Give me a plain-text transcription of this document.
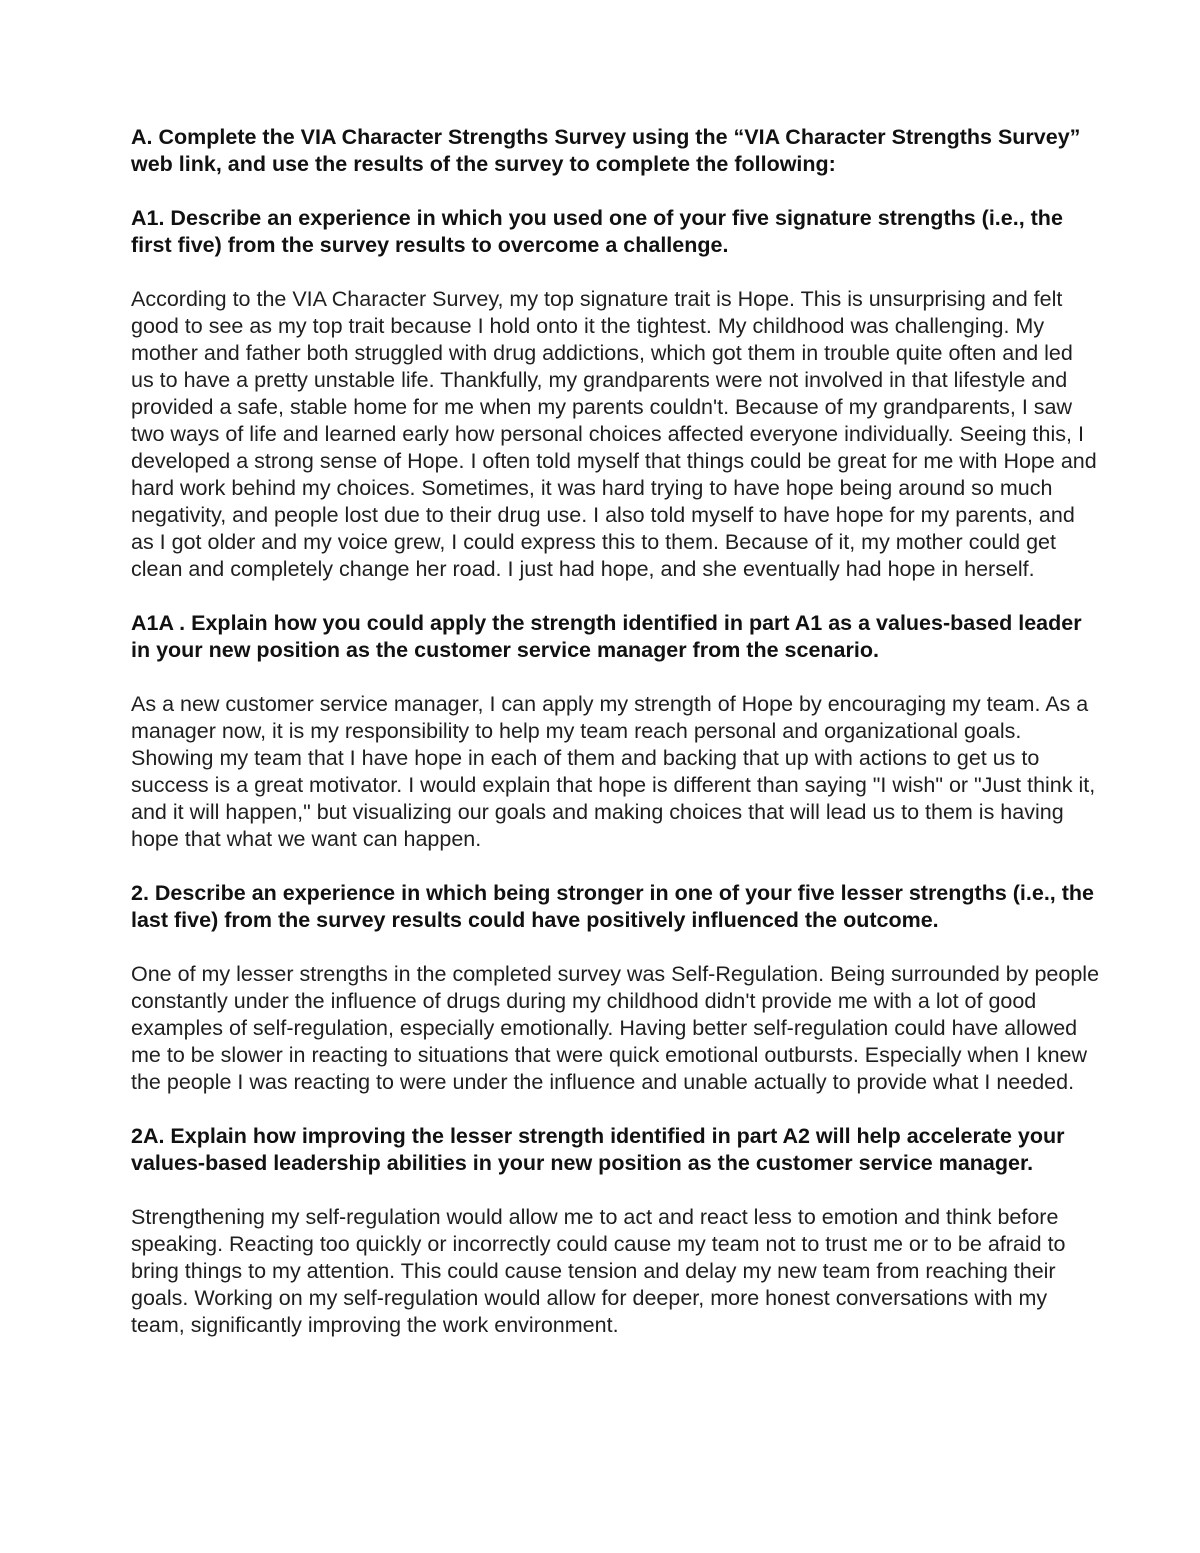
A. Complete the VIA Character Strengths Survey using the “VIA Character Strengths Survey” web link, and use the results of the survey to complete the following:

A1. Describe an experience in which you used one of your five signature strengths (i.e., the first five) from the survey results to overcome a challenge.

According to the VIA Character Survey, my top signature trait is Hope. This is unsurprising and felt good to see as my top trait because I hold onto it the tightest. My childhood was challenging. My mother and father both struggled with drug addictions, which got them in trouble quite often and led us to have a pretty unstable life. Thankfully, my grandparents were not involved in that lifestyle and provided a safe, stable home for me when my parents couldn't. Because of my grandparents, I saw two ways of life and learned early how personal choices affected everyone individually. Seeing this, I developed a strong sense of Hope. I often told myself that things could be great for me with Hope and hard work behind my choices. Sometimes, it was hard trying to have hope being around so much negativity, and people lost due to their drug use. I also told myself to have hope for my parents, and as I got older and my voice grew, I could express this to them. Because of it, my mother could get clean and completely change her road. I just had hope, and she eventually had hope in herself.

A1A . Explain how you could apply the strength identified in part A1 as a values-based leader in your new position as the customer service manager from the scenario.

As a new customer service manager, I can apply my strength of Hope by encouraging my team. As a manager now, it is my responsibility to help my team reach personal and organizational goals. Showing my team that I have hope in each of them and backing that up with actions to get us to success is a great motivator. I would explain that hope is different than saying "I wish" or "Just think it, and it will happen," but visualizing our goals and making choices that will lead us to them is having hope that what we want can happen.

2. Describe an experience in which being stronger in one of your five lesser strengths (i.e., the last five) from the survey results could have positively influenced the outcome.

One of my lesser strengths in the completed survey was Self-Regulation. Being surrounded by people constantly under the influence of drugs during my childhood didn't provide me with a lot of good examples of self-regulation, especially emotionally. Having better self-regulation could have allowed me to be slower in reacting to situations that were quick emotional outbursts. Especially when I knew the people I was reacting to were under the influence and unable actually to provide what I needed.

2A. Explain how improving the lesser strength identified in part A2 will help accelerate your values-based leadership abilities in your new position as the customer service manager.

Strengthening my self-regulation would allow me to act and react less to emotion and think before speaking. Reacting too quickly or incorrectly could cause my team not to trust me or to be afraid to bring things to my attention. This could cause tension and delay my new team from reaching their goals. Working on my self-regulation would allow for deeper, more honest conversations with my team, significantly improving the work environment.
